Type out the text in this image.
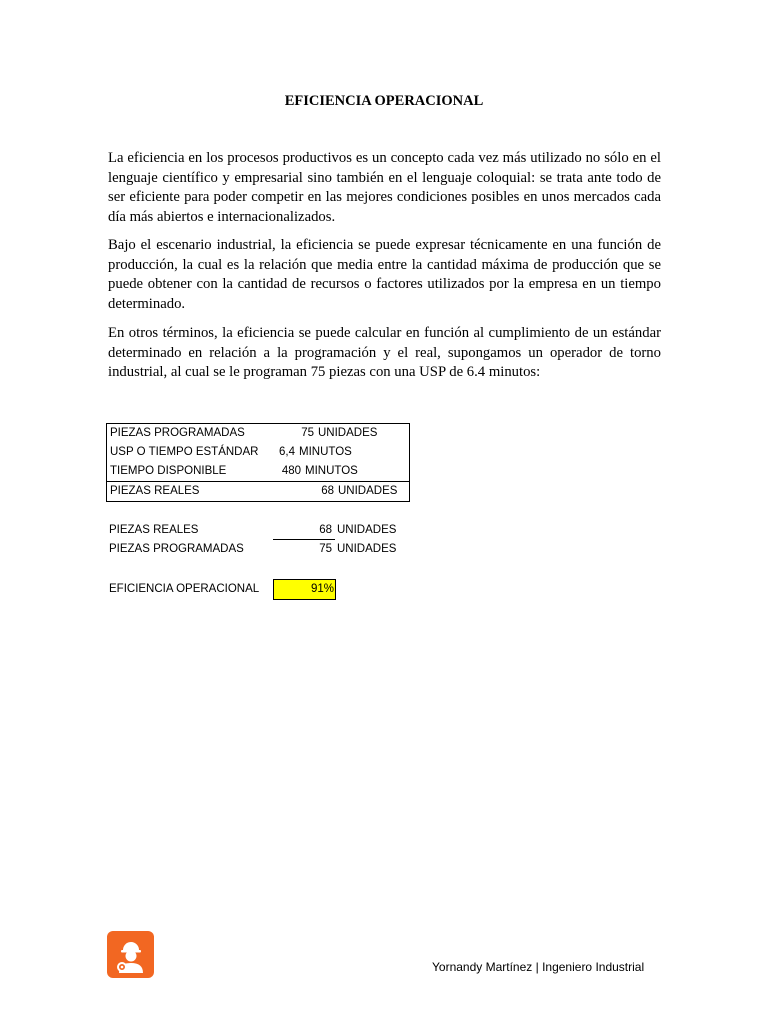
EFICIENCIA OPERACIONAL

La eficiencia en los procesos productivos es un concepto cada vez más utilizado no sólo en el lenguaje científico y empresarial sino también en el lenguaje coloquial: se trata ante todo de ser eficiente para poder competir en las mejores condiciones posibles en unos mercados cada día más abiertos e internacionalizados.

Bajo el escenario industrial, la eficiencia se puede expresar técnicamente en una función de producción, la cual es la relación que media entre la cantidad máxima de producción que se puede obtener con la cantidad de recursos o factores utilizados por la empresa en un tiempo determinado.

En otros términos, la eficiencia se puede calcular en función al cumplimiento de un estándar determinado en relación a la programación y el real, supongamos un operador de torno industrial, al cual se le programan 75 piezas con una USP de 6.4 minutos:

PIEZAS PROGRAMADAS	75 UNIDADES
USP O TIEMPO ESTÁNDAR 6,4 MINUTOS
TIEMPO DISPONIBLE	480 MINUTOS
PIEZAS REALES	68 UNIDADES
PIEZAS REALES	68 UNIDADES
PIEZAS PROGRAMADAS	75 UNIDADES
EFICIENCIA OPERACIONAL	91%
Yornandy Martínez | Ingeniero Industrial
